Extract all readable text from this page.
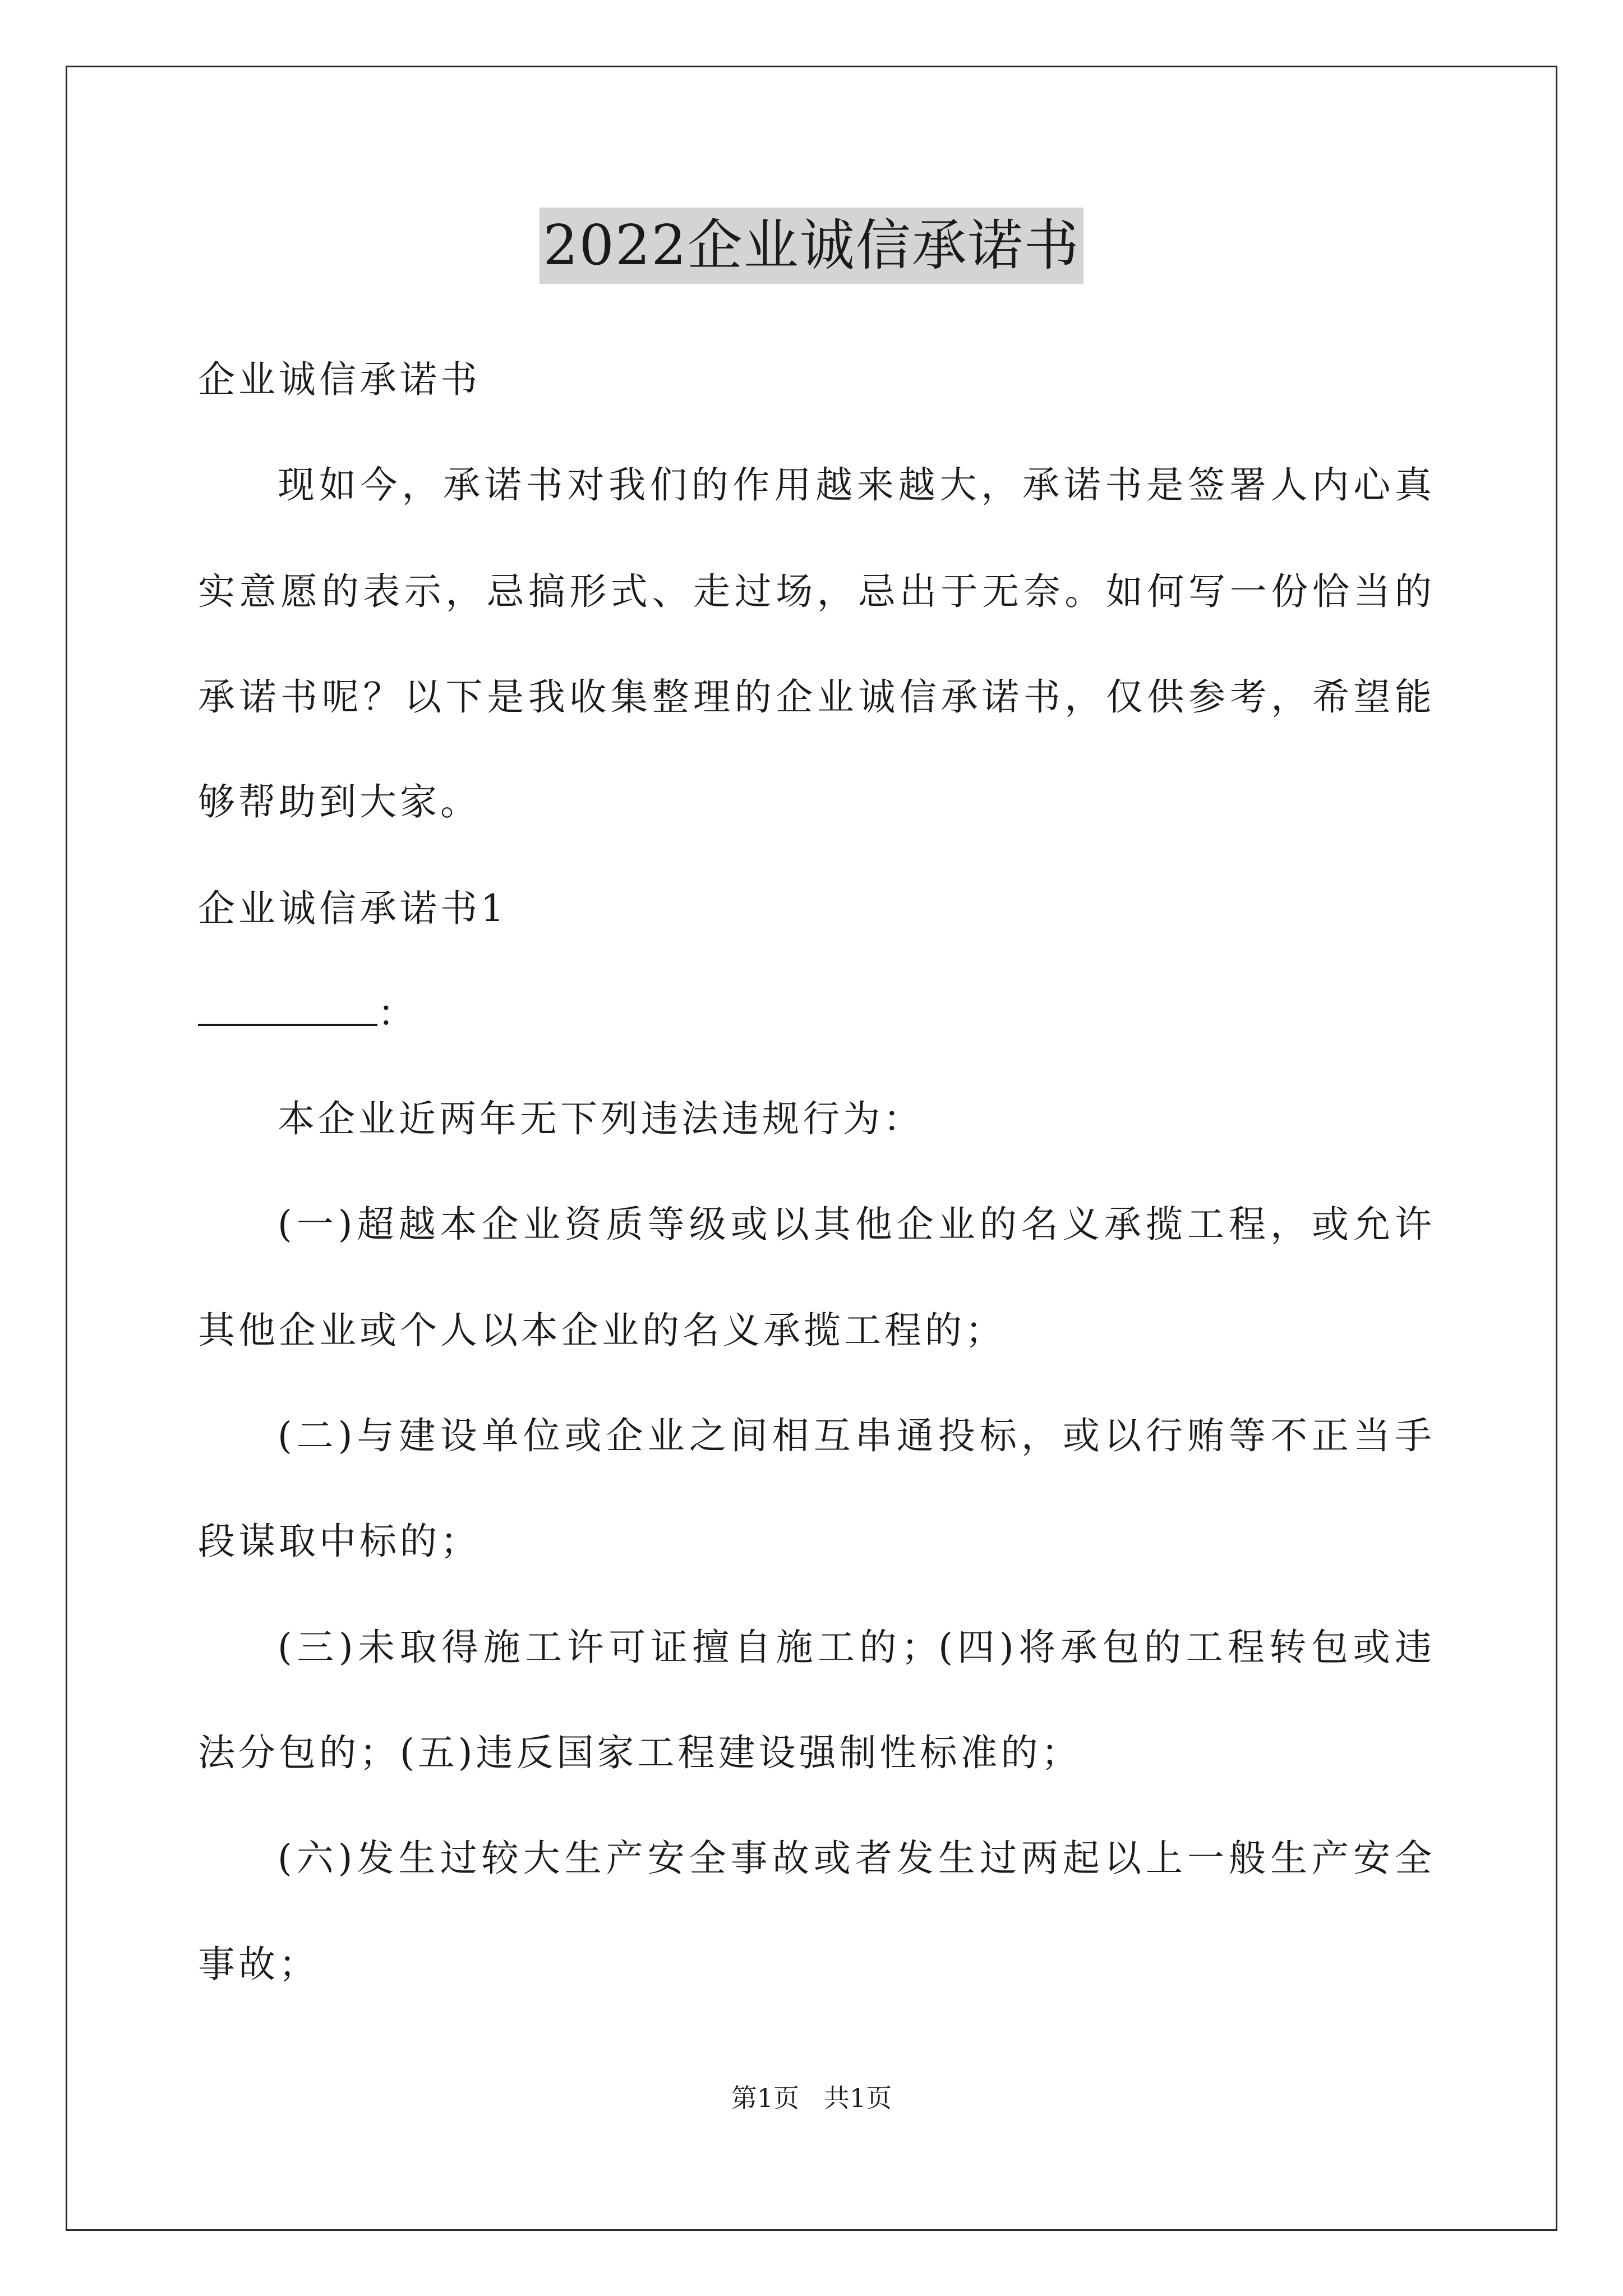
2022企业诚信承诺书
企业诚信承诺书
现如今，承诺书对我们的作用越来越大，承诺书是签署人内心真
实意愿的表示，忌搞形式、走过场，忌出于无奈。如何写一份恰当的
承诺书呢？以下是我收集整理的企业诚信承诺书，仅供参考，希望能
够帮助到大家。
企业诚信承诺书1
：
本企业近两年无下列违法违规行为：
(一)超越本企业资质等级或以其他企业的名义承揽工程，或允许
其他企业或个人以本企业的名义承揽工程的；
(二)与建设单位或企业之间相互串通投标，或以行贿等不正当手
段谋取中标的；
(三)未取得施工许可证擅自施工的；(四)将承包的工程转包或违
法分包的；(五)违反国家工程建设强制性标准的；
(六)发生过较大生产安全事故或者发生过两起以上一般生产安全
事故；
第1页 共1页
